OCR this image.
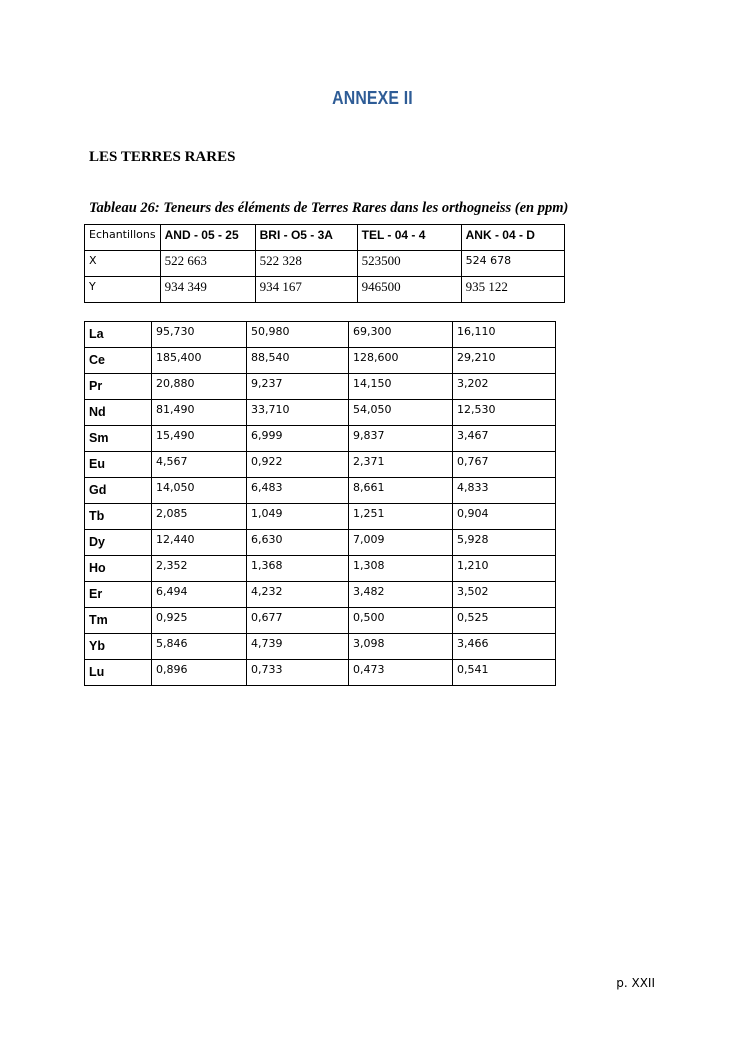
ANNEXE II
LES TERRES RARES
Tableau 26: Teneurs des éléments de Terres Rares dans les orthogneiss (en ppm)
Echantillons	AND - 05 - 25	BRI - O5 - 3A	TEL - 04 - 4	ANK - 04 - D
X	522 663	522 328	523500	524 678
Y	934 349	934 167	946500	935 122
La	95,730	50,980	69,300	16,110
Ce	185,400	88,540	128,600	29,210
Pr	20,880	9,237	14,150	3,202
Nd	81,490	33,710	54,050	12,530
Sm	15,490	6,999	9,837	3,467
Eu	4,567	0,922	2,371	0,767
Gd	14,050	6,483	8,661	4,833
Tb	2,085	1,049	1,251	0,904
Dy	12,440	6,630	7,009	5,928
Ho	2,352	1,368	1,308	1,210
Er	6,494	4,232	3,482	3,502
Tm	0,925	0,677	0,500	0,525
Yb	5,846	4,739	3,098	3,466
Lu	0,896	0,733	0,473	0,541
p. XXII
